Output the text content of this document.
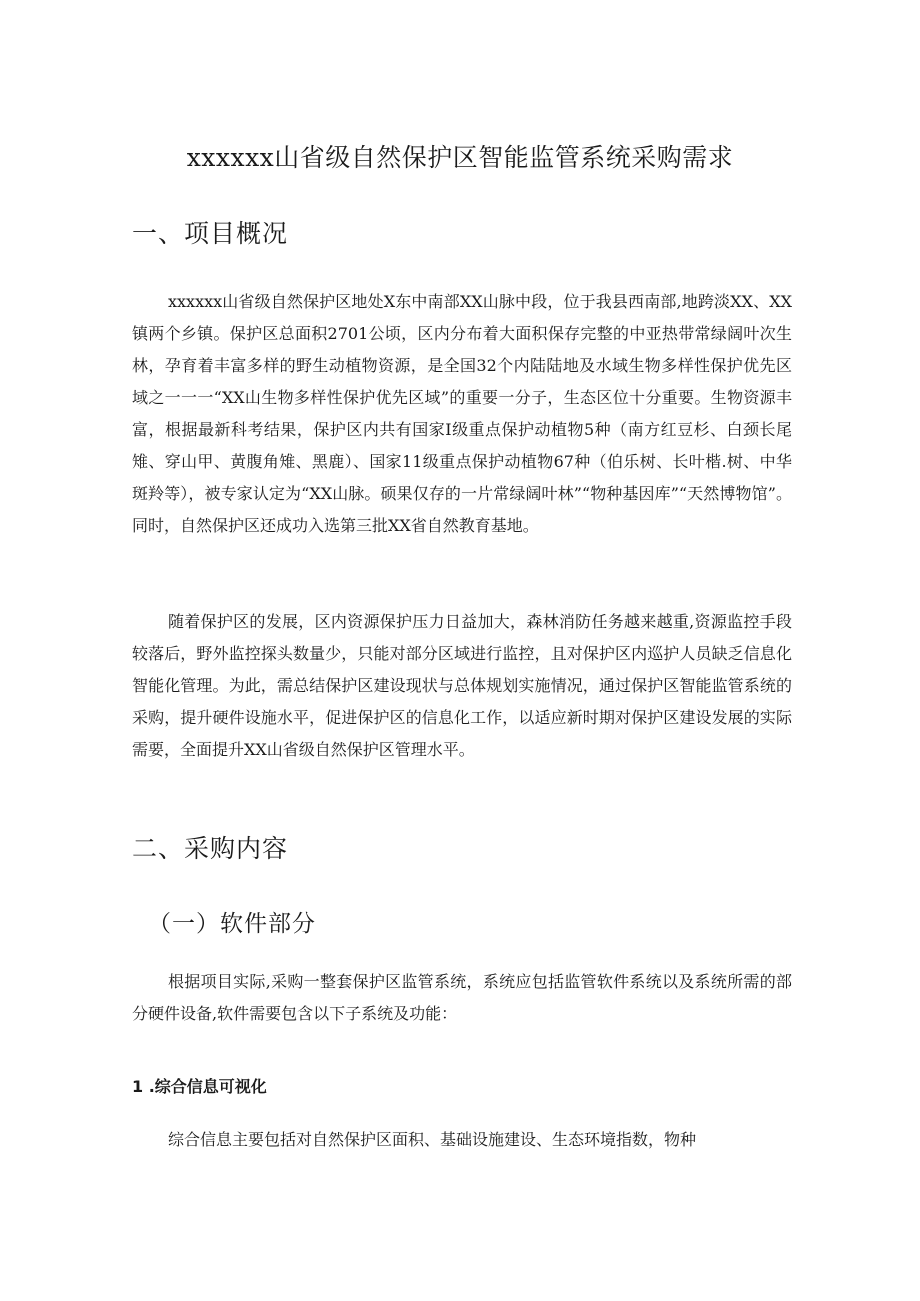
xxxxxx山省级自然保护区智能监管系统采购需求
一、项目概况

xxxxxx山省级自然保护区地处X东中南部XX山脉中段，位于我县西南部,地跨淡XX、XX镇两个乡镇。保护区总面积2701公顷，区内分布着大面积保存完整的中亚热带常绿阔叶次生林，孕育着丰富多样的野生动植物资源，是全国32个内陆陆地及水域生物多样性保护优先区域之一一一“XX山生物多样性保护优先区域”的重要一分子，生态区位十分重要。生物资源丰富，根据最新科考结果，保护区内共有国家I级重点保护动植物5种（南方红豆杉、白颈长尾雉、穿山甲、黄腹角雉、黑鹿）、国家11级重点保护动植物67种（伯乐树、长叶楷.树、中华斑羚等），被专家认定为“XX山脉。硕果仅存的一片常绿阔叶林”“物种基因库”“天然博物馆”。同时，自然保护区还成功入选第三批XX省自然教育基地。

随着保护区的发展，区内资源保护压力日益加大，森林消防任务越来越重,资源监控手段较落后，野外监控探头数量少，只能对部分区域进行监控，且对保护区内巡护人员缺乏信息化智能化管理。为此，需总结保护区建设现状与总体规划实施情况，通过保护区智能监管系统的采购，提升硬件设施水平，促进保护区的信息化工作，以适应新时期对保护区建设发展的实际需要，全面提升XX山省级自然保护区管理水平。

二、采购内容
（一）软件部分

根据项目实际,采购一整套保护区监管系统，系统应包括监管软件系统以及系统所需的部分硬件设备,软件需要包含以下子系统及功能：

1 .综合信息可视化

综合信息主要包括对自然保护区面积、基础设施建设、生态环境指数，物种
